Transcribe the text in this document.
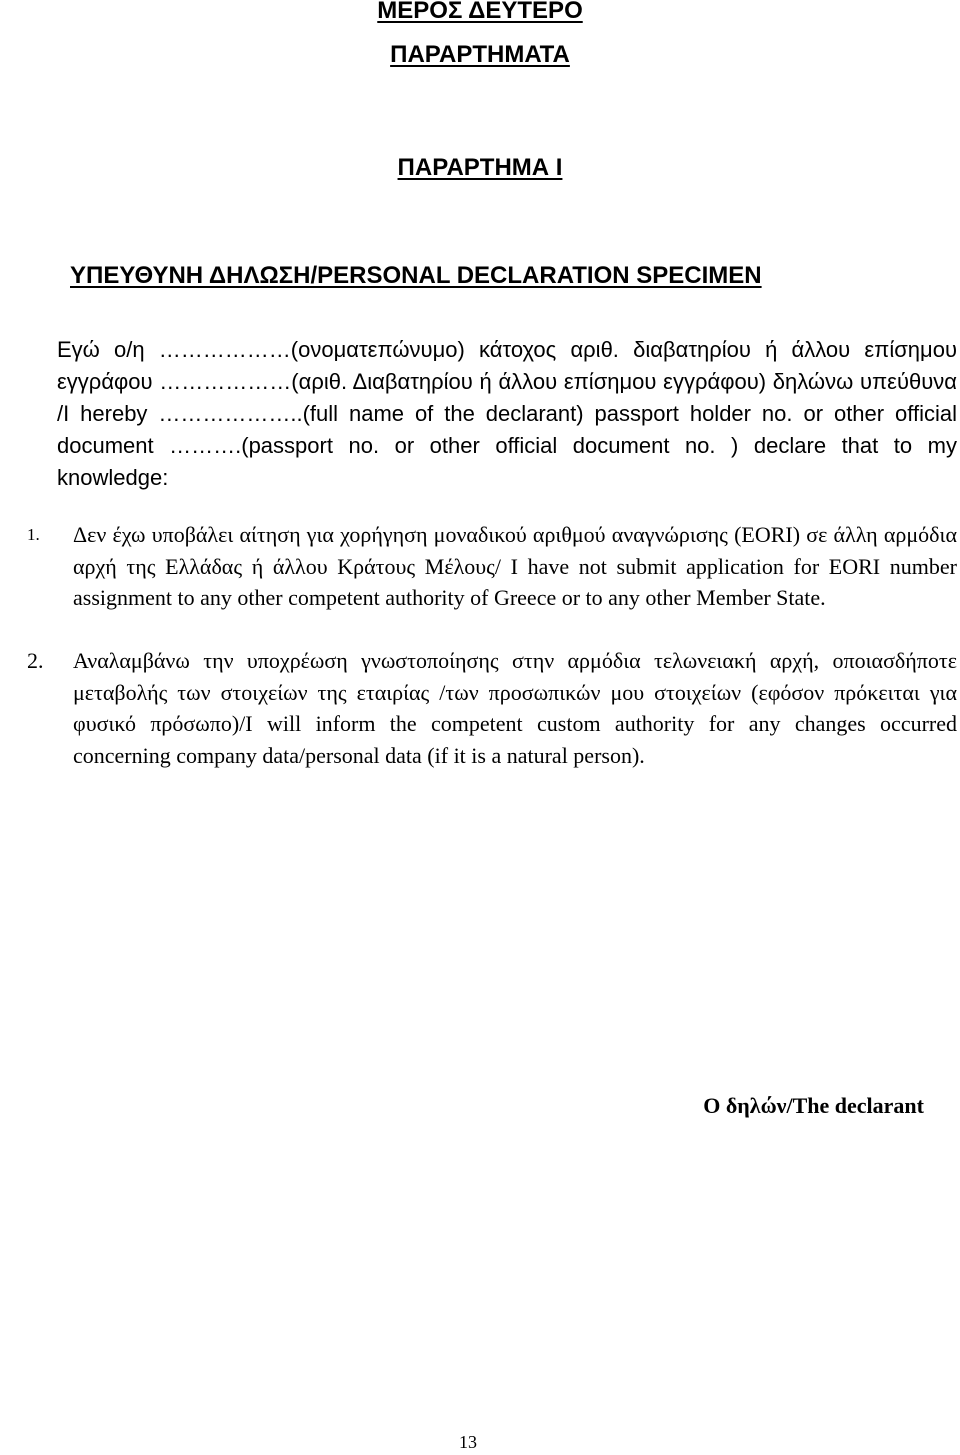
ΜΕΡΟΣ ΔΕΥΤΕΡΟ
ΠΑΡΑΡΤΗΜΑΤΑ
ΠΑΡΑΡΤΗΜΑ Ι
ΥΠΕΥΘΥΝΗ ΔΗΛΩΣΗ/PERSONAL DECLARATION SPECIMEN

Εγώ ο/η ………………(ονοματεπώνυμο) κάτοχος αριθ. διαβατηρίου ή άλλου επίσημου εγγράφου ………………(αριθ. Διαβατηρίου ή άλλου επίσημου εγγράφου) δηλώνω υπεύθυνα /I hereby ………………..(full name of the declarant) passport holder no. or other official document ……….(passport no. or other official document no. ) declare that to my knowledge:

1.	Δεν έχω υποβάλει αίτηση για χορήγηση μοναδικού αριθμού αναγνώρισης (EORI) σε άλλη αρμόδια αρχή της Ελλάδας ή άλλου Κράτους Μέλους/ I have not submit application for EORI number assignment to any other competent authority of Greece or to any other Member State.
2.	Αναλαμβάνω την υποχρέωση γνωστοποίησης στην αρμόδια τελωνειακή αρχή, οποιασδήποτε μεταβολής των στοιχείων της εταιρίας /των προσωπικών μου στοιχείων (εφόσον πρόκειται για φυσικό πρόσωπο)/I will inform the competent custom authority for any changes occurred concerning company data/personal data (if it is a natural person).

Ο δηλών/The declarant

13
